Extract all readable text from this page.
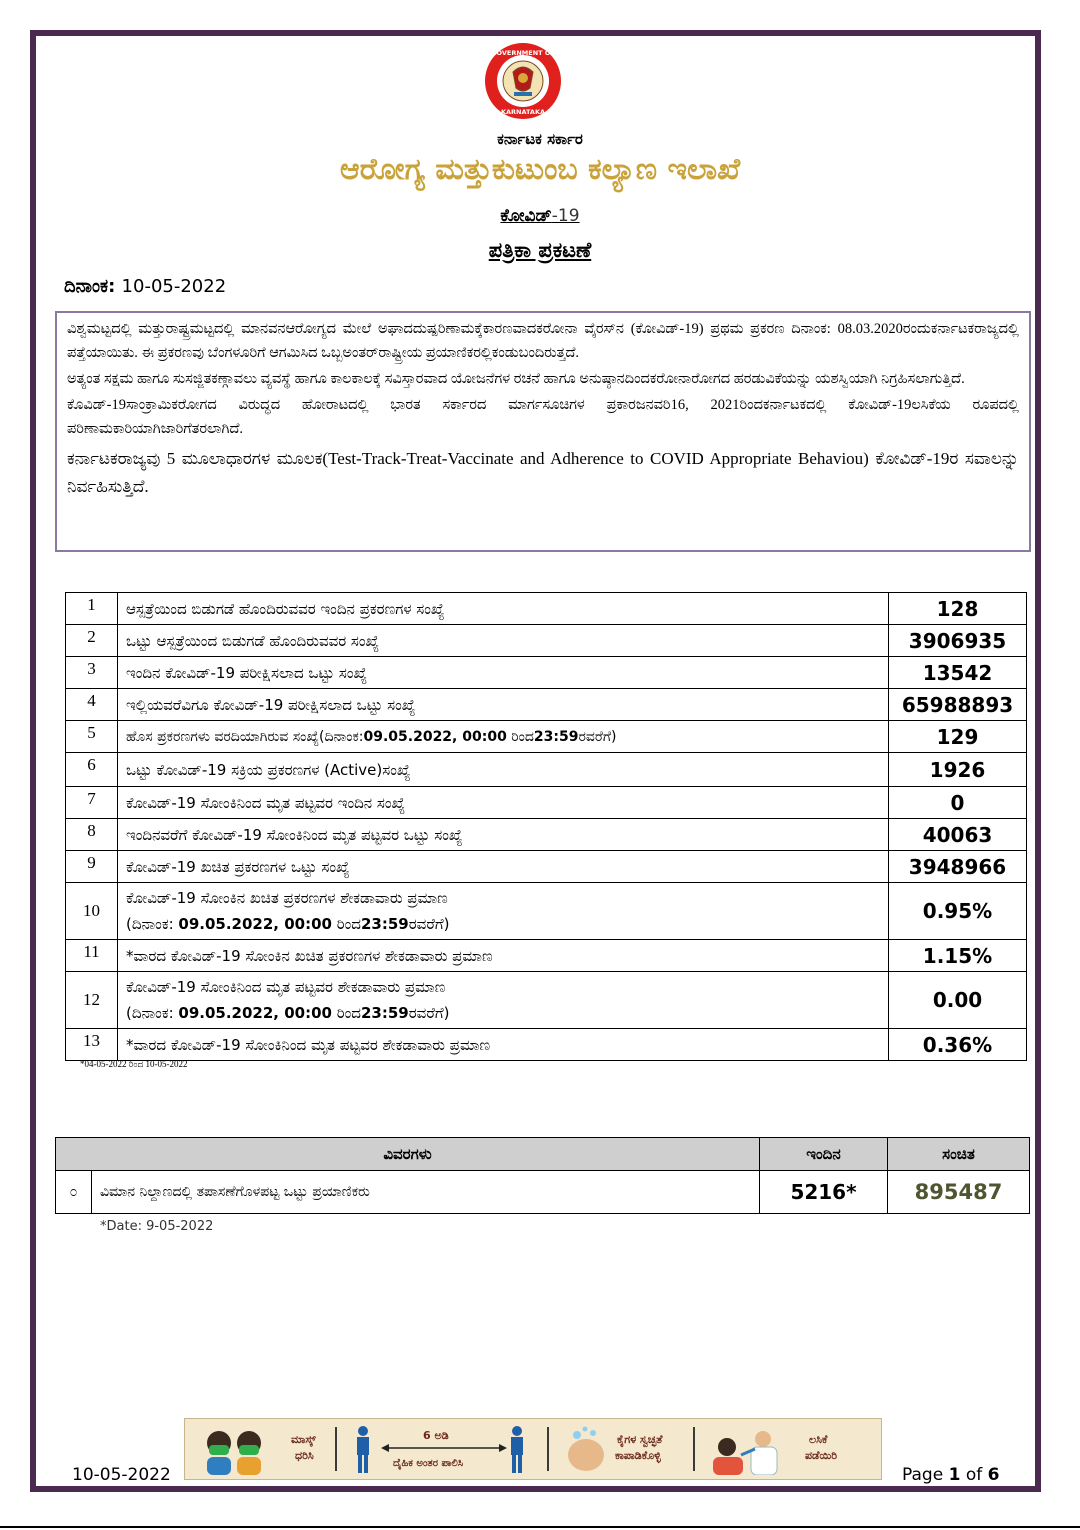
GOVERNMENT OF
KARNATAKA
ಕರ್ನಾಟಕ ಸರ್ಕಾರ
ಆರೋಗ್ಯ ಮತ್ತುಕುಟುಂಬ ಕಲ್ಯಾಣ ಇಲಾಖೆ
ಕೋವಿಡ್-19
ಪತ್ರಿಕಾ ಪ್ರಕಟಣೆ
ದಿನಾಂಕ: 10-05-2022

ವಿಶ್ವಮಟ್ಟದಲ್ಲಿ ಮತ್ತುರಾಷ್ಟ್ರಮಟ್ಟದಲ್ಲಿ ಮಾನವನಆರೋಗ್ಯದ ಮೇಲೆ ಅಘಾದದುಷ್ಪರಿಣಾಮಕ್ಕೆಕಾರಣವಾದಕರೋನಾ ವೈರಸ್‌ನ (ಕೋವಿಡ್-19) ಪ್ರಥಮ ಪ್ರಕರಣ ದಿನಾಂಕ: 08.03.2020ರಂದುಕರ್ನಾಟಕರಾಜ್ಯದಲ್ಲಿ ಪತ್ತೆಯಾಯಿತು. ಈ ಪ್ರಕರಣವು ಬೆಂಗಳೂರಿಗೆ ಆಗಮಿಸಿದ ಒಬ್ಬಅಂತರ್‌ರಾಷ್ಟ್ರೀಯ ಪ್ರಯಾಣಿಕರಲ್ಲಿಕಂಡುಬಂದಿರುತ್ತದೆ.

ಅತ್ಯಂತ ಸಕ್ಷಮ ಹಾಗೂ ಸುಸಜ್ಜಿತಕಣ್ಗಾವಲು ವ್ಯವಸ್ಥೆ ಹಾಗೂ ಕಾಲಕಾಲಕ್ಕೆ ಸವಿಸ್ತಾರವಾದ ಯೋಜನೆಗಳ ರಚನೆ ಹಾಗೂ ಅನುಷ್ಠಾನದಿಂದಕರೋನಾರೋಗದ ಹರಡುವಿಕೆಯನ್ನು ಯಶಸ್ವಿಯಾಗಿ ನಿಗ್ರಹಿಸಲಾಗುತ್ತಿದೆ.

ಕೊವಿಡ್-19ಸಾಂಕ್ರಾಮಿಕರೋಗದ ವಿರುದ್ಧದ ಹೋರಾಟದಲ್ಲಿ ಭಾರತ ಸರ್ಕಾರದ ಮಾರ್ಗಸೂಚಿಗಳ ಪ್ರಕಾರಜನವರಿ16, 2021ರಿಂದಕರ್ನಾಟಕದಲ್ಲಿ ಕೋವಿಡ್-19ಲಸಿಕೆಯ ರೂಪದಲ್ಲಿ ಪರಿಣಾಮಕಾರಿಯಾಗಿಜಾರಿಗೆತರಲಾಗಿದೆ.

ಕರ್ನಾಟಕರಾಜ್ಯವು 5 ಮೂಲಾಧಾರಗಳ ಮೂಲಕ(Test-Track-Treat-Vaccinate and Adherence to COVID Appropriate Behaviou) ಕೋವಿಡ್-19ರ ಸವಾಲನ್ನು ನಿರ್ವಹಿಸುತ್ತಿದೆ.

1	ಆಸ್ಪತ್ರೆಯಿಂದ ಬಿಡುಗಡೆ ಹೊಂದಿರುವವರ ಇಂದಿನ ಪ್ರಕರಣಗಳ ಸಂಖ್ಯೆ	128
2	ಒಟ್ಟು ಆಸ್ಪತ್ರೆಯಿಂದ ಬಿಡುಗಡೆ ಹೊಂದಿರುವವರ ಸಂಖ್ಯೆ	3906935
3	ಇಂದಿನ ಕೋವಿಡ್-19 ಪರೀಕ್ಷಿಸಲಾದ ಒಟ್ಟು ಸಂಖ್ಯೆ	13542
4	ಇಲ್ಲಿಯವರೆವಿಗೂ ಕೋವಿಡ್-19 ಪರೀಕ್ಷಿಸಲಾದ ಒಟ್ಟು ಸಂಖ್ಯೆ	65988893
5	ಹೊಸ ಪ್ರಕರಣಗಳು ವರದಿಯಾಗಿರುವ ಸಂಖ್ಯೆ(ದಿನಾಂಕ:09.05.2022, 00:00 ರಿಂದ23:59ರವರೆಗೆ)	129
6	ಒಟ್ಟು ಕೋವಿಡ್-19 ಸಕ್ರಿಯ ಪ್ರಕರಣಗಳ (Active)ಸಂಖ್ಯೆ	1926
7	ಕೋವಿಡ್-19 ಸೋಂಕಿನಿಂದ ಮೃತ ಪಟ್ಟವರ ಇಂದಿನ ಸಂಖ್ಯೆ	0
8	ಇಂದಿನವರೆಗೆ ಕೋವಿಡ್-19 ಸೋಂಕಿನಿಂದ ಮೃತ ಪಟ್ಟವರ ಒಟ್ಟು ಸಂಖ್ಯೆ	40063
9	ಕೋವಿಡ್-19 ಖಚಿತ ಪ್ರಕರಣಗಳ ಒಟ್ಟು ಸಂಖ್ಯೆ	3948966
10	ಕೋವಿಡ್-19 ಸೋಂಕಿನ ಖಚಿತ ಪ್ರಕರಣಗಳ ಶೇಕಡಾವಾರು ಪ್ರಮಾಣ
(ದಿನಾಂಕ: 09.05.2022, 00:00 ರಿಂದ23:59ರವರೆಗೆ)	0.95%
11	*ವಾರದ ಕೋವಿಡ್-19 ಸೋಂಕಿನ ಖಚಿತ ಪ್ರಕರಣಗಳ ಶೇಕಡಾವಾರು ಪ್ರಮಾಣ	1.15%
12	ಕೋವಿಡ್-19 ಸೋಂಕಿನಿಂದ ಮೃತ ಪಟ್ಟವರ ಶೇಕಡಾವಾರು ಪ್ರಮಾಣ
(ದಿನಾಂಕ: 09.05.2022, 00:00 ರಿಂದ23:59ರವರೆಗೆ)	0.00
13	*ವಾರದ ಕೋವಿಡ್-19 ಸೋಂಕಿನಿಂದ ಮೃತ ಪಟ್ಟವರ ಶೇಕಡಾವಾರು ಪ್ರಮಾಣ	0.36%
*04-05-2022 ರಿಂದ 10-05-2022
ವಿವರಗಳು		ಇಂದಿನ	ಸಂಚಿತ
೦	ವಿಮಾನ ನಿಲ್ದಾಣದಲ್ಲಿ ತಪಾಸಣೆಗೊಳಪಟ್ಟ ಒಟ್ಟು ಪ್ರಯಾಣಿಕರು	5216*	895487
*Date: 9-05-2022
ಮಾಸ್ಕ್
ಧರಿಸಿ
6 ಅಡಿ
ದೈಹಿಕ ಅಂತರ ಪಾಲಿಸಿ
ಕೈಗಳ ಸ್ವಚ್ಛತೆ
ಕಾಪಾಡಿಕೊಳ್ಳಿ
ಲಸಿಕೆ
ಪಡೆಯಿರಿ
10-05-2022	Page 1 of 6
